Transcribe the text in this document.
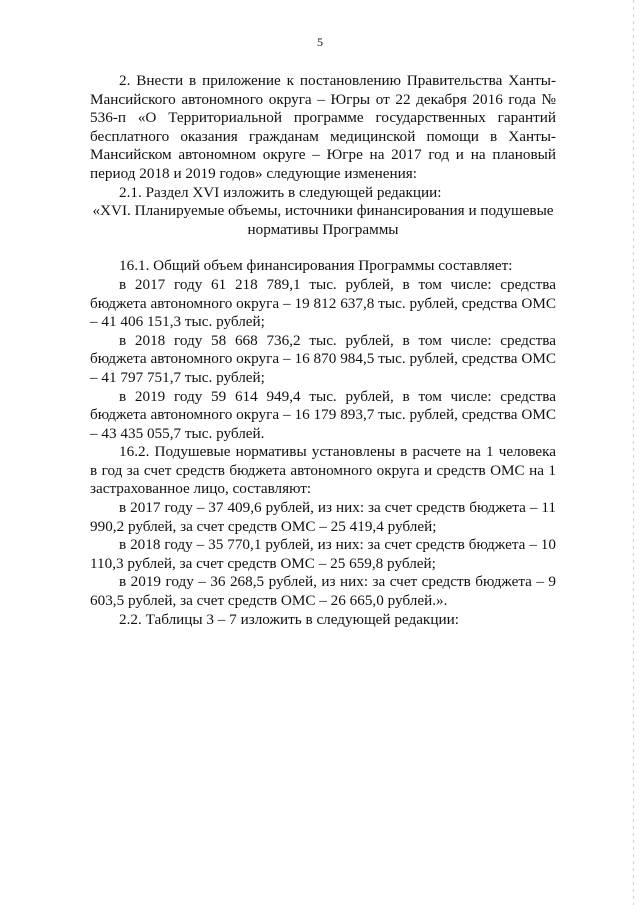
5

2. Внести в приложение к постановлению Правительства Ханты-Мансийского автономного округа – Югры от 22 декабря 2016 года № 536-п «О Территориальной программе государственных гарантий бесплатного оказания гражданам медицинской помощи в Ханты-Мансийском автономном округе – Югре на 2017 год и на плановый период 2018 и 2019 годов» следующие изменения:

2.1. Раздел XVI изложить в следующей редакции:

«XVI. Планируемые объемы, источники финансирования и подушевые нормативы Программы

16.1. Общий объем финансирования Программы составляет:

в 2017 году 61 218 789,1 тыс. рублей, в том числе: средства бюджета автономного округа – 19 812 637,8 тыс. рублей, средства ОМС – 41 406 151,3 тыс. рублей;

в 2018 году 58 668 736,2 тыс. рублей, в том числе: средства бюджета автономного округа – 16 870 984,5 тыс. рублей, средства ОМС – 41 797 751,7 тыс. рублей;

в 2019 году 59 614 949,4 тыс. рублей, в том числе: средства бюджета автономного округа – 16 179 893,7 тыс. рублей, средства ОМС – 43 435 055,7 тыс. рублей.

16.2. Подушевые нормативы установлены в расчете на 1 человека в год за счет средств бюджета автономного округа и средств ОМС на 1 застрахованное лицо, составляют:

в 2017 году – 37 409,6 рублей, из них: за счет средств бюджета – 11 990,2 рублей, за счет средств ОМС – 25 419,4 рублей;

в 2018 году – 35 770,1 рублей, из них: за счет средств бюджета – 10 110,3 рублей, за счет средств ОМС – 25 659,8 рублей;

в 2019 году – 36 268,5 рублей, из них: за счет средств бюджета – 9 603,5 рублей, за счет средств ОМС – 26 665,0 рублей.».

2.2. Таблицы 3 – 7 изложить в следующей редакции:
